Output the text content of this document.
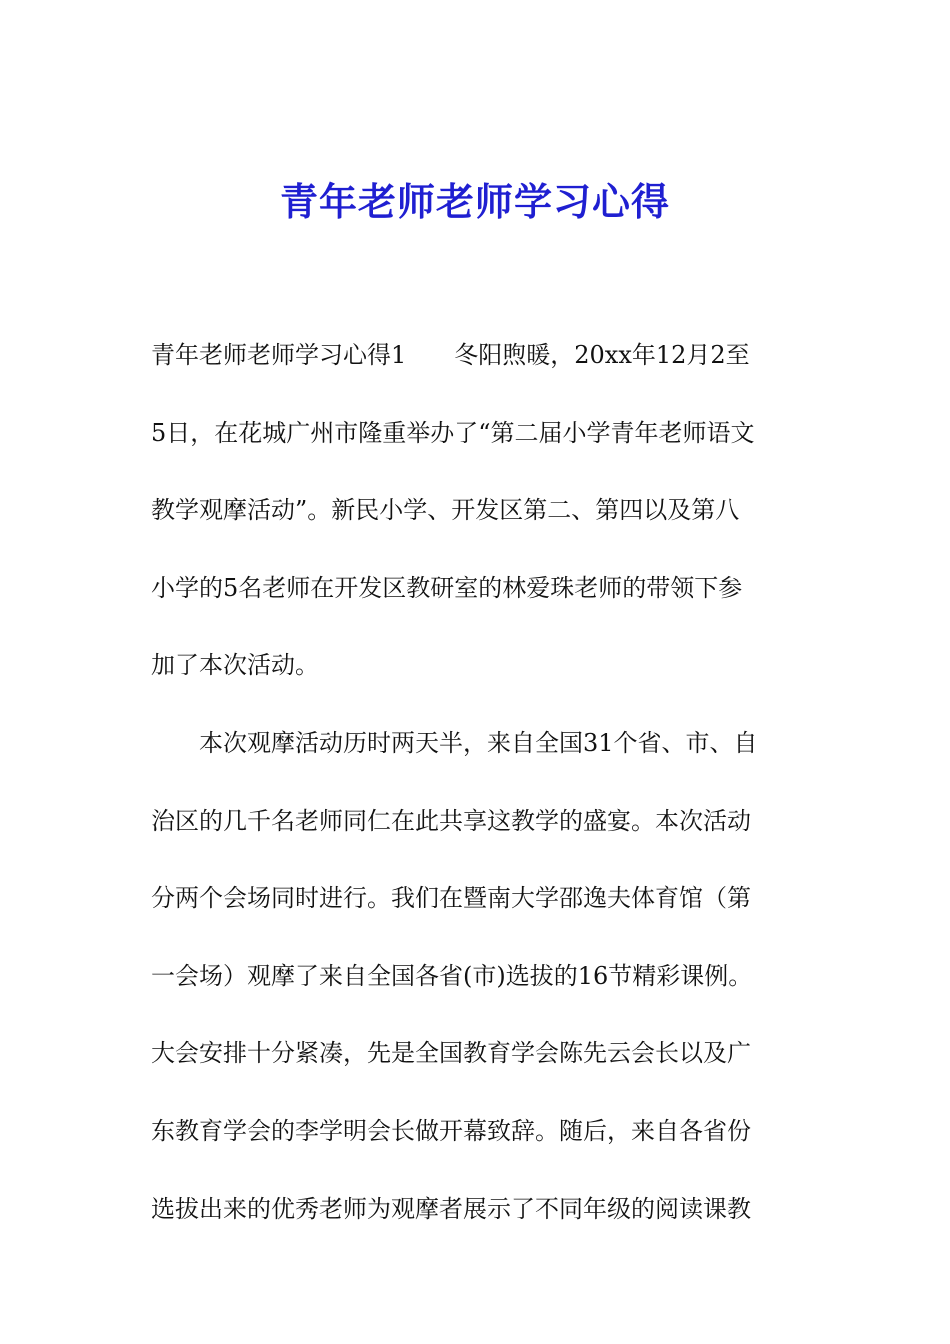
青年老师老师学习心得

青年老师老师学习心得1　　冬阳煦暖，20xx年12月2至

5日，在花城广州市隆重举办了“第二届小学青年老师语文

教学观摩活动”。新民小学、开发区第二、第四以及第八

小学的5名老师在开发区教研室的林爱珠老师的带领下参

加了本次活动。

　　本次观摩活动历时两天半，来自全国31个省、市、自

治区的几千名老师同仁在此共享这教学的盛宴。本次活动

分两个会场同时进行。我们在暨南大学邵逸夫体育馆（第

一会场）观摩了来自全国各省(市)选拔的16节精彩课例。

大会安排十分紧凑，先是全国教育学会陈先云会长以及广

东教育学会的李学明会长做开幕致辞。随后，来自各省份

选拔出来的优秀老师为观摩者展示了不同年级的阅读课教
